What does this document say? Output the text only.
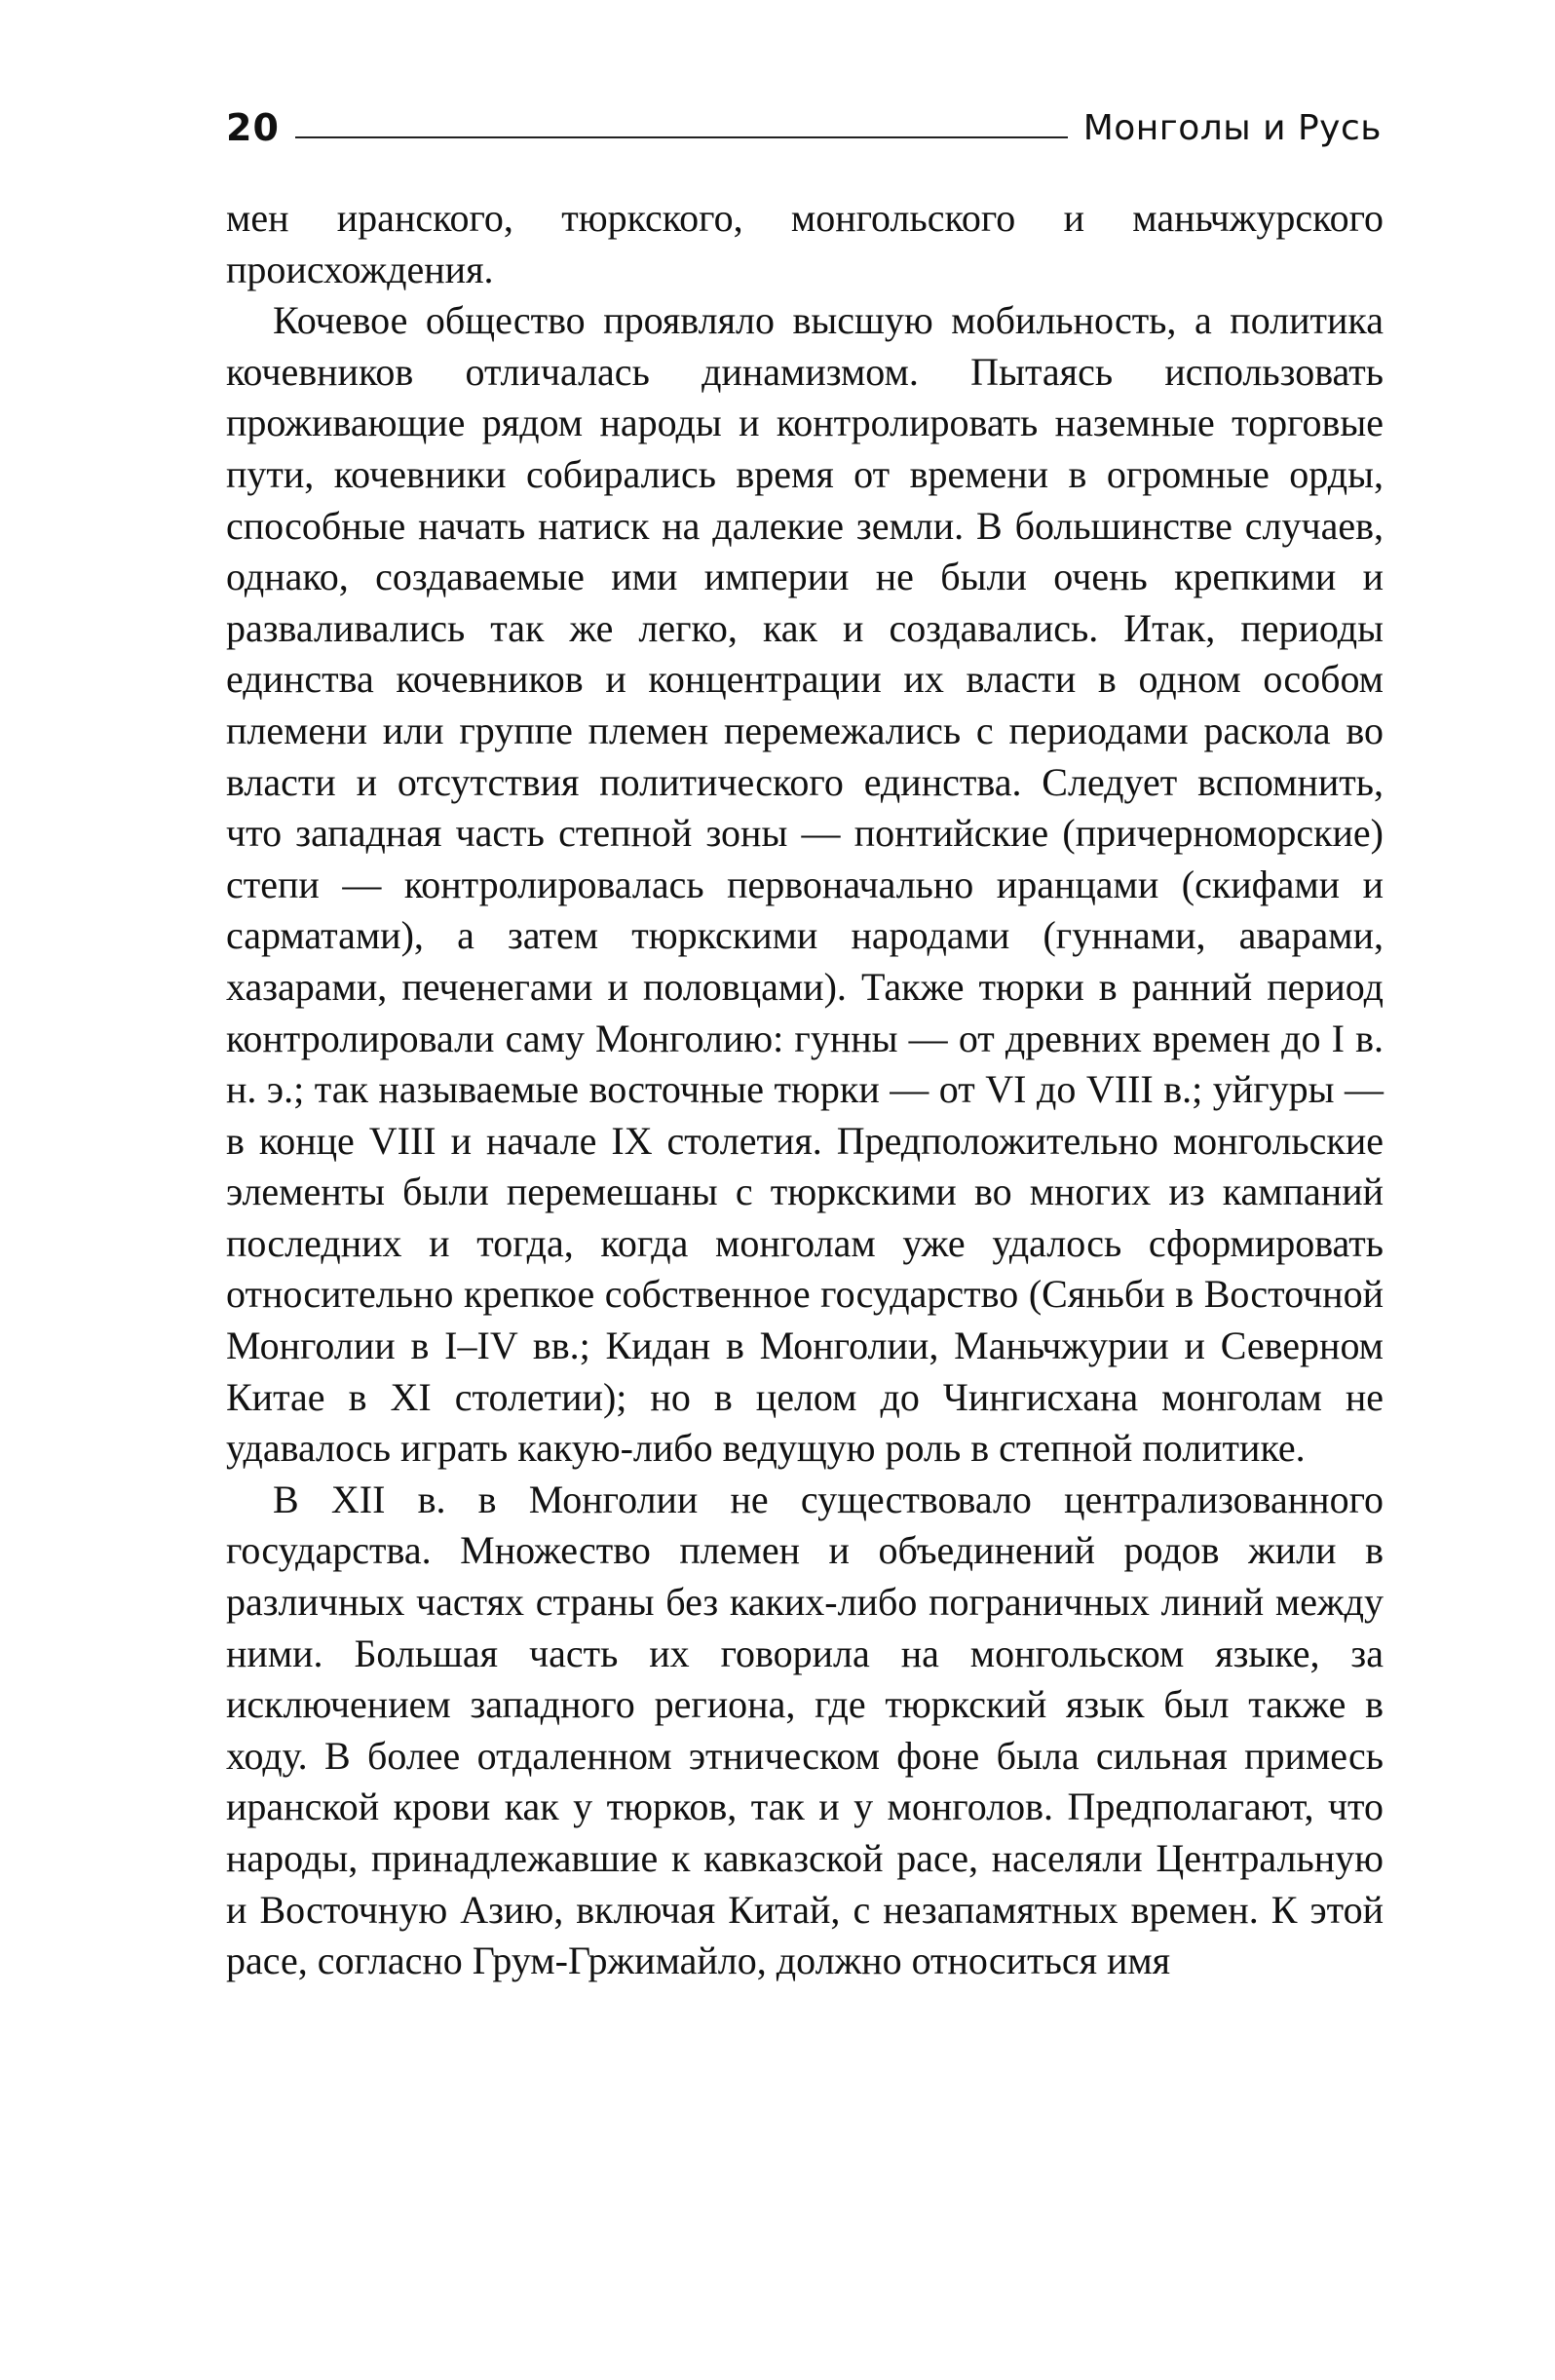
20	Монголы и Русь

мен иранского, тюркского, монгольского и маньчжурского происхождения.

Кочевое общество проявляло высшую мобильность, а политика кочевников отличалась динамизмом. Пытаясь использовать проживающие рядом народы и контролировать наземные торговые пути, кочевники собирались время от времени в огромные орды, способные начать натиск на далекие земли. В большинстве случаев, однако, создаваемые ими империи не были очень крепкими и разваливались так же легко, как и создавались. Итак, периоды единства кочевников и концентрации их власти в одном особом племени или группе племен перемежались с периодами раскола во власти и отсутствия политического единства. Следует вспомнить, что западная часть степной зоны — понтийские (причерноморские) степи — контролировалась первоначально иранцами (скифами и сарматами), а затем тюркскими народами (гуннами, аварами, хазарами, печенегами и половцами). Также тюрки в ранний период контролировали саму Монголию: гунны — от древних времен до I в. н. э.; так называемые восточные тюрки — от VI до VIII в.; уйгуры — в конце VIII и начале IX столетия. Предположительно монгольские элементы были перемешаны с тюркскими во многих из кампаний последних и тогда, когда монголам уже удалось сформировать относительно крепкое собственное государство (Сяньби в Восточной Монголии в I–IV вв.; Кидан в Монголии, Маньчжурии и Северном Китае в XI столетии); но в целом до Чингисхана монголам не удавалось играть какую-либо ведущую роль в степной политике.

В XII в. в Монголии не существовало централизованного государства. Множество племен и объединений родов жили в различных частях страны без каких-либо пограничных линий между ними. Большая часть их говорила на монгольском языке, за исключением западного региона, где тюркский язык был также в ходу. В более отдаленном этническом фоне была сильная примесь иранской крови как у тюрков, так и у монголов. Предполагают, что народы, принадлежавшие к кавказской расе, населяли Центральную и Восточную Азию, включая Китай, с незапамятных времен. К этой расе, согласно Грум-Гржимайло, должно относиться имя
